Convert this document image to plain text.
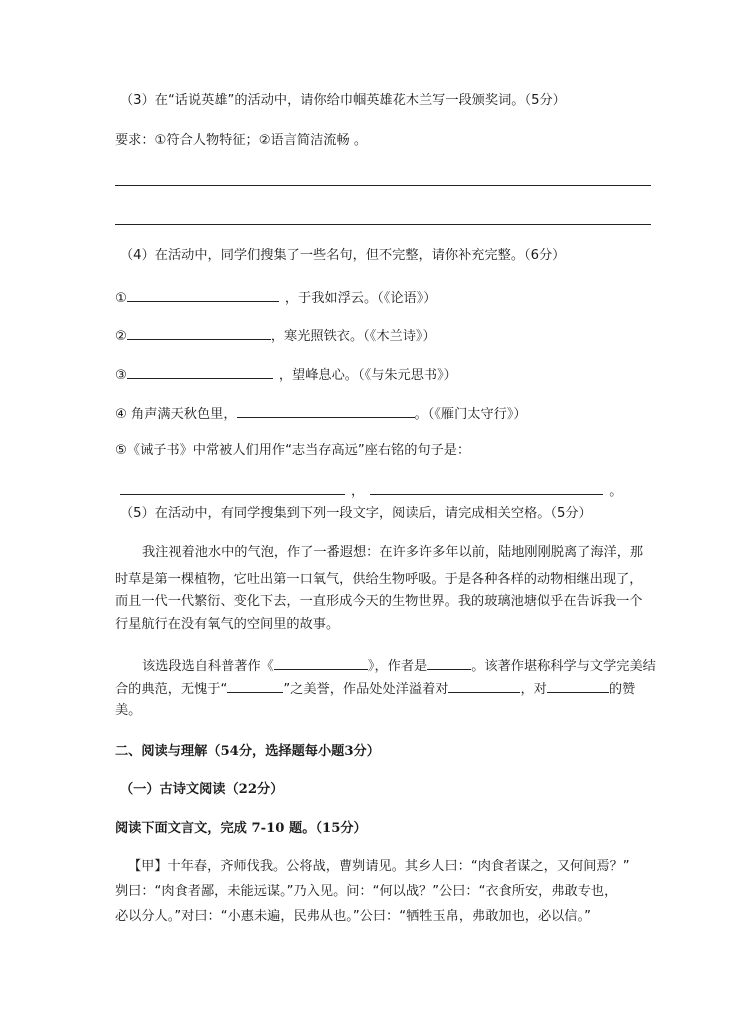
（3）在“话说英雄”的活动中，请你给巾帼英雄花木兰写一段颁奖词。（5分）
要求：①符合人物特征；②语言简洁流畅 。
（4）在活动中，同学们搜集了一些名句，但不完整，请你补充完整。（6分）
①	，于我如浮云。（《论语》）
②	，寒光照铁衣。（《木兰诗》）
③	，望峰息心。（《与朱元思书》）
④ 角声满天秋色里，	。（《雁门太守行》）
⑤《诫子书》中常被人们用作“志当存高远”座右铭的句子是：
，	。
（5）在活动中，有同学搜集到下列一段文字，阅读后，请完成相关空格。（5分）
我注视着池水中的气泡，作了一番遐想：在许多许多年以前，陆地刚刚脱离了海洋，那
时草是第一棵植物，它吐出第一口氧气，供给生物呼吸。于是各种各样的动物相继出现了，
而且一代一代繁衍、变化下去，一直形成今天的生物世界。我的玻璃池塘似乎在告诉我一个
行星航行在没有氧气的空间里的故事。
该选段选自科普著作《	》，作者是	。该著作堪称科学与文学完美结
合的典范，无愧于“	”之美誉，作品处处洋溢着对	，对	的赞
美。
二、阅读与理解（54分，选择题每小题3分）
（一）古诗文阅读（22分）
阅读下面文言文，完成 7-10 题。（15分）
【甲】十年春，齐师伐我。公将战，曹刿请见。其乡人曰：“肉食者谋之，又何间焉？”
刿曰：“肉食者鄙，未能远谋。”乃入见。问：“何以战？”公曰：“衣食所安，弗敢专也，
必以分人。”对曰：“小惠未遍，民弗从也。”公曰：“牺牲玉帛，弗敢加也，必以信。”
